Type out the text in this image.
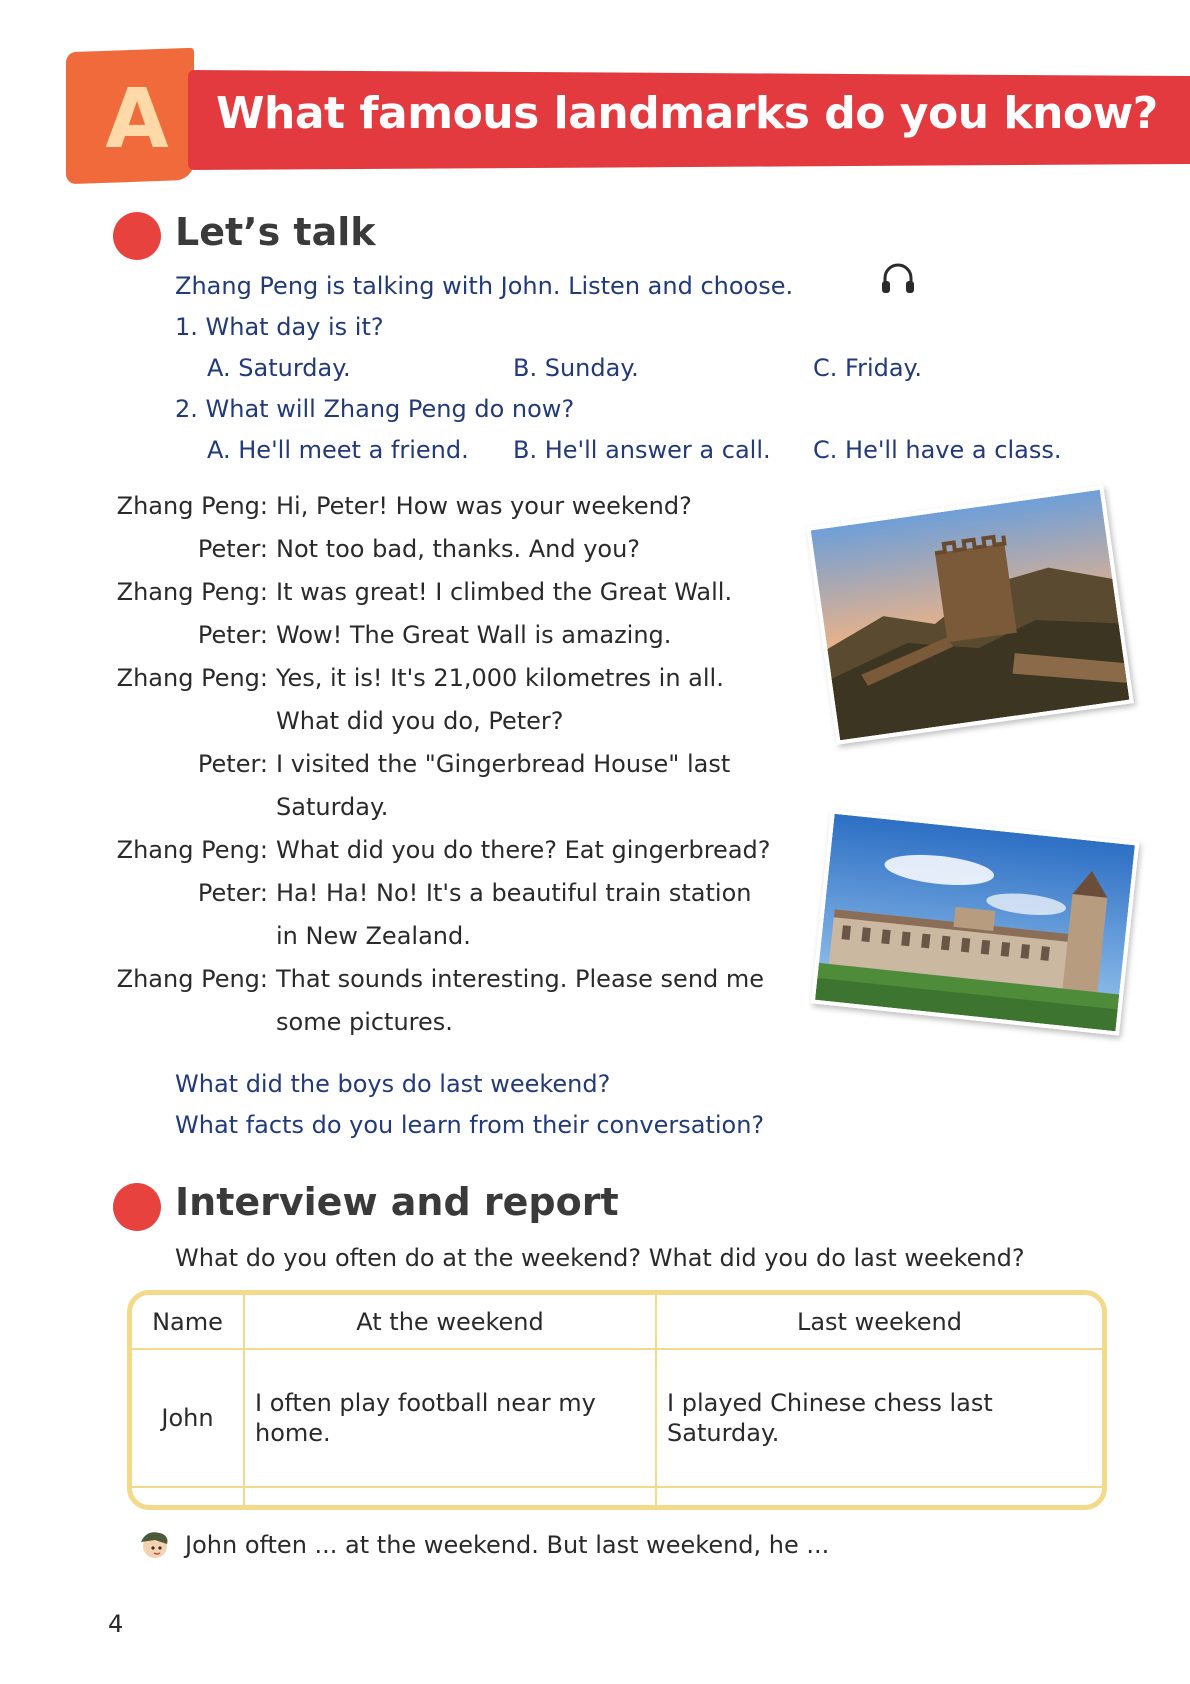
A	What famous landmarks do you know?
Let’s talk
Zhang Peng is talking with John. Listen and choose.
1. What day is it?
A. Saturday.	B. Sunday.	C. Friday.
2. What will Zhang Peng do now?
A. He'll meet a friend. B. He'll answer a call. C. He'll have a class.
Zhang Peng: Hi, Peter! How was your weekend?
Peter: Not too bad, thanks. And you?
Zhang Peng: It was great! I climbed the Great Wall.
Peter: Wow! The Great Wall is amazing.
Zhang Peng: Yes, it is! It's 21,000 kilometres in all.
What did you do, Peter?
Peter: I visited the "Gingerbread House" last
Saturday.
Zhang Peng: What did you do there? Eat gingerbread?
Peter: Ha! Ha! No! It's a beautiful train station
in New Zealand.
Zhang Peng: That sounds interesting. Please send me
some pictures.
What did the boys do last weekend?
What facts do you learn from their conversation?
Interview and report
What do you often do at the weekend? What did you do last weekend?
Name	At the weekend	Last weekend
John	I often play football near my home.	I played Chinese chess last Saturday.

John often ... at the weekend. But last weekend, he ...
4
